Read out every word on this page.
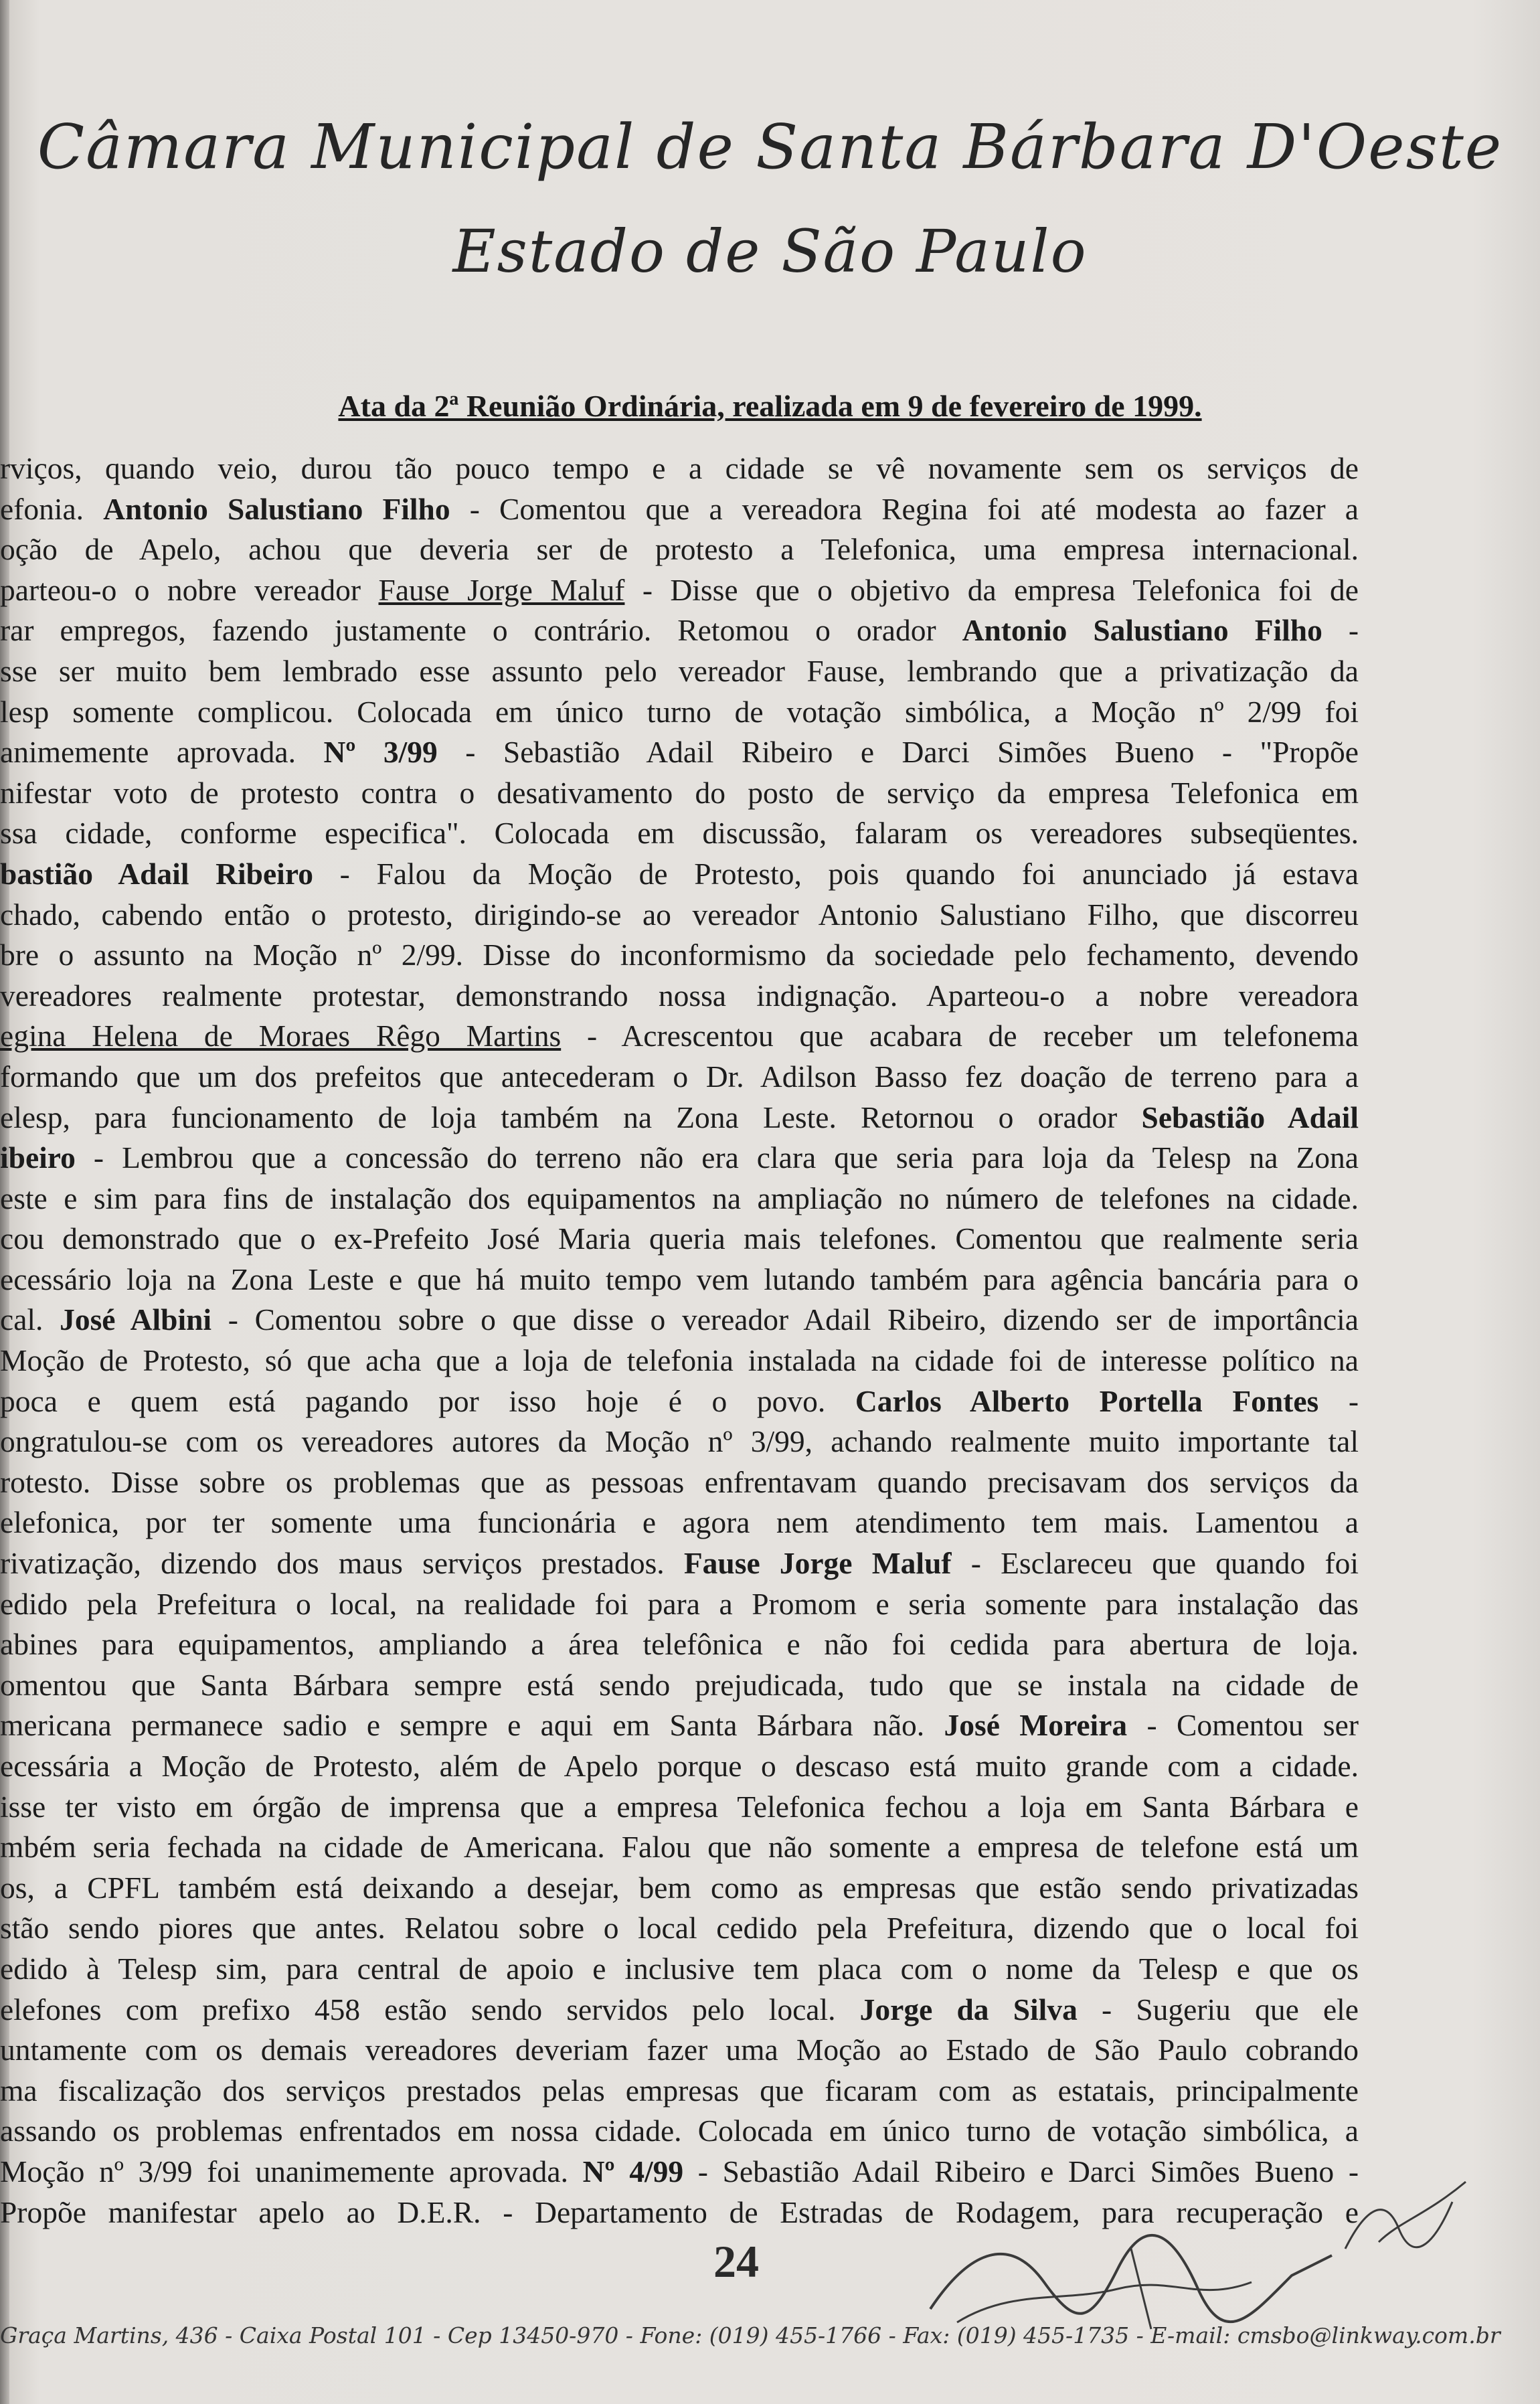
Câmara Municipal de Santa Bárbara D'Oeste
Estado de São Paulo
Ata da 2ª Reunião Ordinária, realizada em 9 de fevereiro de 1999.
rviços, quando veio, durou tão pouco tempo e a cidade se vê novamente sem os serviços de
efonia. Antonio Salustiano Filho - Comentou que a vereadora Regina foi até modesta ao fazer a
oção de Apelo, achou que deveria ser de protesto a Telefonica, uma empresa internacional.
parteou-o o nobre vereador Fause Jorge Maluf - Disse que o objetivo da empresa Telefonica foi de
rar empregos, fazendo justamente o contrário. Retomou o orador Antonio Salustiano Filho -
sse ser muito bem lembrado esse assunto pelo vereador Fause, lembrando que a privatização da
lesp somente complicou. Colocada em único turno de votação simbólica, a Moção nº 2/99 foi
animemente aprovada. Nº 3/99 - Sebastião Adail Ribeiro e Darci Simões Bueno - "Propõe
nifestar voto de protesto contra o desativamento do posto de serviço da empresa Telefonica em
ssa cidade, conforme especifica". Colocada em discussão, falaram os vereadores subseqüentes.
bastião Adail Ribeiro - Falou da Moção de Protesto, pois quando foi anunciado já estava
chado, cabendo então o protesto, dirigindo-se ao vereador Antonio Salustiano Filho, que discorreu
bre o assunto na Moção nº 2/99. Disse do inconformismo da sociedade pelo fechamento, devendo
vereadores realmente protestar, demonstrando nossa indignação. Aparteou-o a nobre vereadora
egina Helena de Moraes Rêgo Martins - Acrescentou que acabara de receber um telefonema
formando que um dos prefeitos que antecederam o Dr. Adilson Basso fez doação de terreno para a
elesp, para funcionamento de loja também na Zona Leste. Retornou o orador Sebastião Adail
ibeiro - Lembrou que a concessão do terreno não era clara que seria para loja da Telesp na Zona
este e sim para fins de instalação dos equipamentos na ampliação no número de telefones na cidade.
cou demonstrado que o ex-Prefeito José Maria queria mais telefones. Comentou que realmente seria
ecessário loja na Zona Leste e que há muito tempo vem lutando também para agência bancária para o
cal. José Albini - Comentou sobre o que disse o vereador Adail Ribeiro, dizendo ser de importância
Moção de Protesto, só que acha que a loja de telefonia instalada na cidade foi de interesse político na
poca e quem está pagando por isso hoje é o povo. Carlos Alberto Portella Fontes -
ongratulou-se com os vereadores autores da Moção nº 3/99, achando realmente muito importante tal
rotesto. Disse sobre os problemas que as pessoas enfrentavam quando precisavam dos serviços da
elefonica, por ter somente uma funcionária e agora nem atendimento tem mais. Lamentou a
rivatização, dizendo dos maus serviços prestados. Fause Jorge Maluf - Esclareceu que quando foi
edido pela Prefeitura o local, na realidade foi para a Promom e seria somente para instalação das
abines para equipamentos, ampliando a área telefônica e não foi cedida para abertura de loja.
omentou que Santa Bárbara sempre está sendo prejudicada, tudo que se instala na cidade de
mericana permanece sadio e sempre e aqui em Santa Bárbara não. José Moreira - Comentou ser
ecessária a Moção de Protesto, além de Apelo porque o descaso está muito grande com a cidade.
isse ter visto em órgão de imprensa que a empresa Telefonica fechou a loja em Santa Bárbara e
mbém seria fechada na cidade de Americana. Falou que não somente a empresa de telefone está um
os, a CPFL também está deixando a desejar, bem como as empresas que estão sendo privatizadas
stão sendo piores que antes. Relatou sobre o local cedido pela Prefeitura, dizendo que o local foi
edido à Telesp sim, para central de apoio e inclusive tem placa com o nome da Telesp e que os
elefones com prefixo 458 estão sendo servidos pelo local. Jorge da Silva - Sugeriu que ele
untamente com os demais vereadores deveriam fazer uma Moção ao Estado de São Paulo cobrando
ma fiscalização dos serviços prestados pelas empresas que ficaram com as estatais, principalmente
assando os problemas enfrentados em nossa cidade. Colocada em único turno de votação simbólica, a
Moção nº 3/99 foi unanimemente aprovada. Nº 4/99 - Sebastião Adail Ribeiro e Darci Simões Bueno -
Propõe manifestar apelo ao D.E.R. - Departamento de Estradas de Rodagem, para recuperação e
24
Graça Martins, 436 - Caixa Postal 101 - Cep 13450-970 - Fone: (019) 455-1766 - Fax: (019) 455-1735 - E-mail: cmsbo@linkway.com.br
